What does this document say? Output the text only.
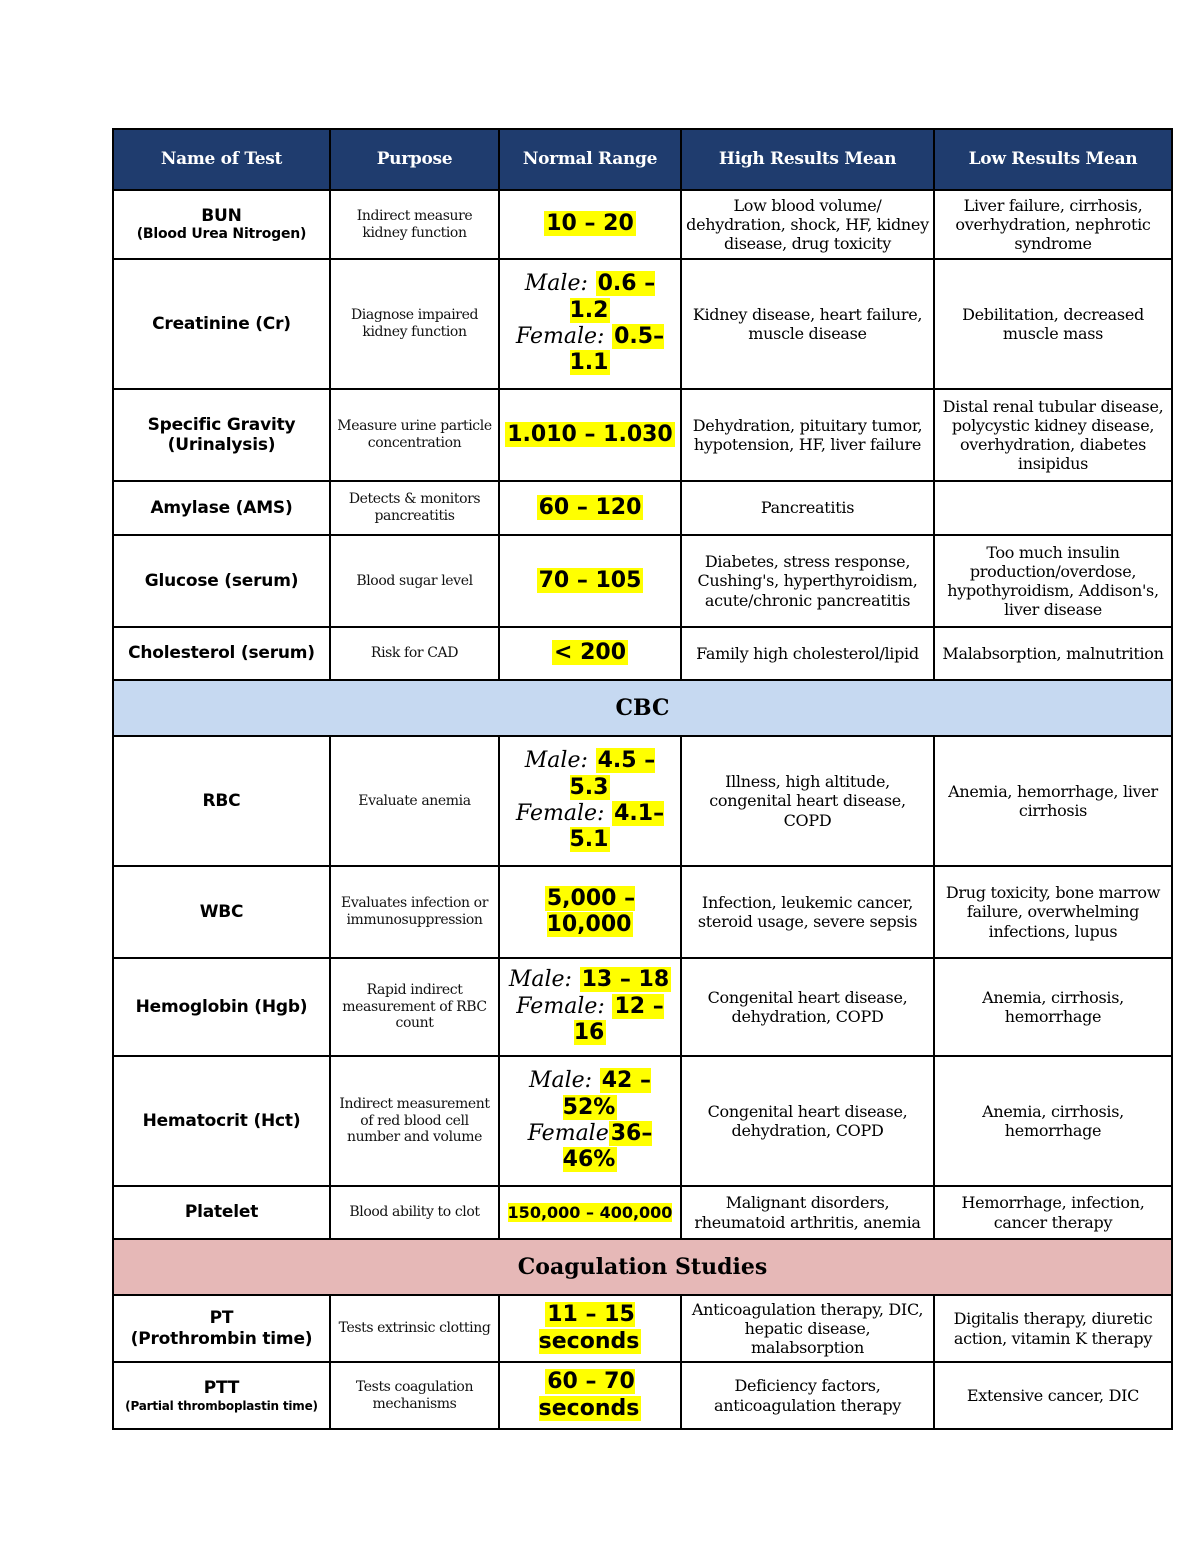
Name of Test	Purpose	Normal Range	High Results Mean	Low Results Mean
BUN
(Blood Urea Nitrogen)	Indirect measure kidney function	10 – 20	Low blood volume/ dehydration, shock, HF, kidney disease, drug toxicity	Liver failure, cirrhosis, overhydration, nephrotic syndrome
Creatinine (Cr)	Diagnose impaired kidney function	Male: 0.6 – 1.2
Female: 0.5– 1.1	Kidney disease, heart failure, muscle disease	Debilitation, decreased muscle mass
Specific Gravity (Urinalysis)	Measure urine particle concentration	1.010 – 1.030	Dehydration, pituitary tumor, hypotension, HF, liver failure	Distal renal tubular disease, polycystic kidney disease, overhydration, diabetes insipidus
Amylase (AMS)	Detects & monitors pancreatitis	60 – 120	Pancreatitis	
Glucose (serum)	Blood sugar level	70 – 105	Diabetes, stress response, Cushing's, hyperthyroidism, acute/chronic pancreatitis	Too much insulin production/overdose, hypothyroidism, Addison's, liver disease
Cholesterol (serum)	Risk for CAD	< 200	Family high cholesterol/lipid	Malabsorption, malnutrition
CBC				
RBC	Evaluate anemia	Male: 4.5 – 5.3
Female: 4.1– 5.1	Illness, high altitude, congenital heart disease, COPD	Anemia, hemorrhage, liver cirrhosis
WBC	Evaluates infection or immunosuppression	5,000 – 10,000	Infection, leukemic cancer, steroid usage, severe sepsis	Drug toxicity, bone marrow failure, overwhelming infections, lupus
Hemoglobin (Hgb)	Rapid indirect measurement of RBC count	Male: 13 – 18
Female: 12 – 16	Congenital heart disease, dehydration, COPD	Anemia, cirrhosis, hemorrhage
Hematocrit (Hct)	Indirect measurement of red blood cell number and volume	Male: 42 – 52%
Female36– 46%	Congenital heart disease, dehydration, COPD	Anemia, cirrhosis, hemorrhage
Platelet	Blood ability to clot	150,000 – 400,000	Malignant disorders, rheumatoid arthritis, anemia	Hemorrhage, infection, cancer therapy
Coagulation Studies				
PT
(Prothrombin time)	Tests extrinsic clotting	11 – 15 seconds	Anticoagulation therapy, DIC, hepatic disease, malabsorption	Digitalis therapy, diuretic action, vitamin K therapy
PTT
(Partial thromboplastin time)	Tests coagulation mechanisms	60 – 70 seconds	Deficiency factors, anticoagulation therapy	Extensive cancer, DIC
